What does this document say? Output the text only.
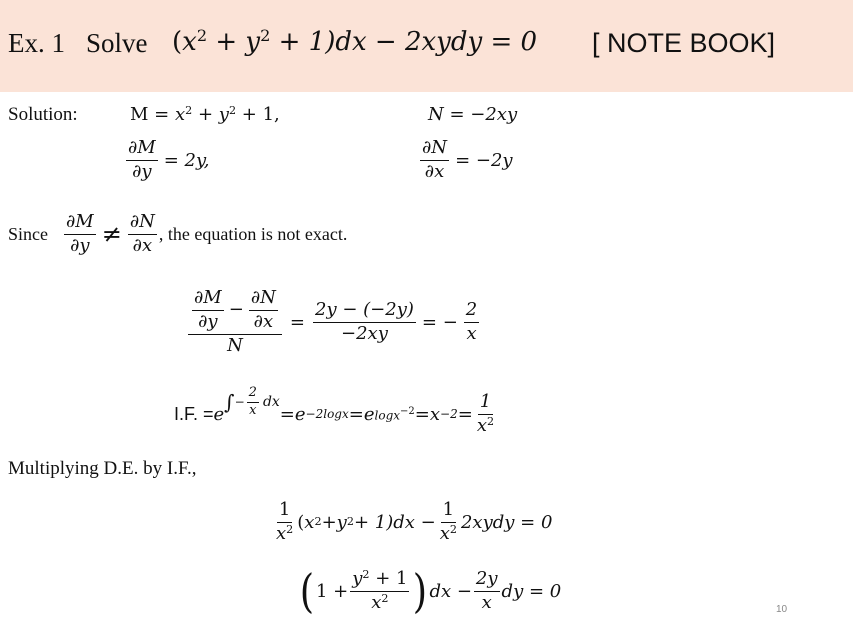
Ex. 1 Solve $(x^2 + y^2 + 1)dx$ − 2xydy = 0 [ NOTE BOOK]
Solution:	$M = x^2 + y^2 + 1$,	N = −2xy
$\frac{\partial M}{\partial y} = 2y$,	$\frac{\partial N}{\partial x} = -2y$
Since $\frac{\partial M}{\partial y} \ne \frac{\partial N}{\partial x}$ , the equation is not exact.
$\frac{\frac{\partial M}{\partial y} - \frac{\partial N}{\partial x}}{N} = \frac{2y - (-2y)}{-2xy}$ = − $\frac{2}{x}$
I.F. = e ∫ − $\frac{2}{x}$ dx
= e −2logx = e $\log x^{-2} = x -2 = \frac{1}{x^2}$
Multiplying D.E. by I.F.,
$\frac{1}{x^2}$ ( x 2 + y $2 + 1)dx - \frac{1}{x^2}$ 2xydy = 0
( $1 + \frac{y^2 + 1}{x^2}$ ) dx − $\frac{2y}{x}$ dy = 0
10
